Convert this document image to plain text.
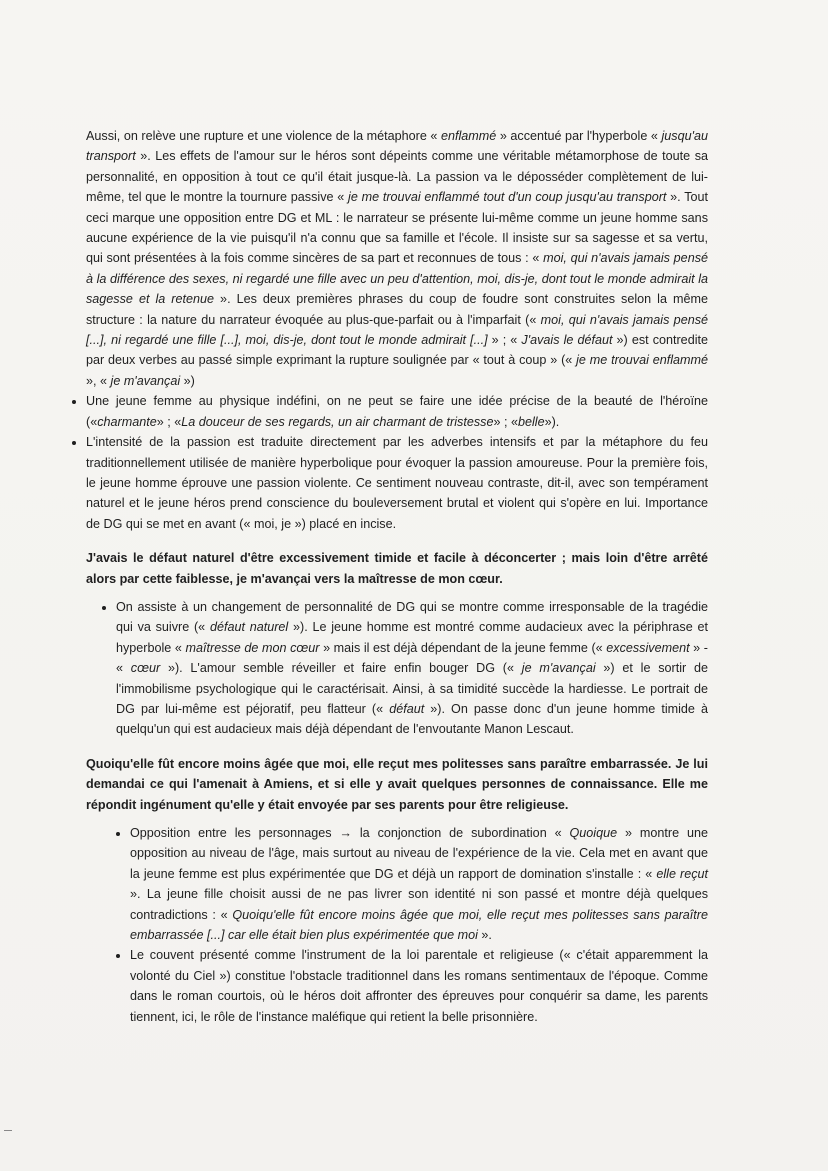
Aussi, on relève une rupture et une violence de la métaphore « enflammé » accentué par l'hyperbole « jusqu'au transport ». Les effets de l'amour sur le héros sont dépeints comme une véritable métamorphose de toute sa personnalité, en opposition à tout ce qu'il était jusque-là. La passion va le déposséder complètement de lui-même, tel que le montre la tournure passive « je me trouvai enflammé tout d'un coup jusqu'au transport ». Tout ceci marque une opposition entre DG et ML : le narrateur se présente lui-même comme un jeune homme sans aucune expérience de la vie puisqu'il n'a connu que sa famille et l'école. Il insiste sur sa sagesse et sa vertu, qui sont présentées à la fois comme sincères de sa part et reconnues de tous : « moi, qui n'avais jamais pensé à la différence des sexes, ni regardé une fille avec un peu d'attention, moi, dis-je, dont tout le monde admirait la sagesse et la retenue ». Les deux premières phrases du coup de foudre sont construites selon la même structure : la nature du narrateur évoquée au plus-que-parfait ou à l'imparfait (« moi, qui n'avais jamais pensé [...], ni regardé une fille [...], moi, dis-je, dont tout le monde admirait [...] » ; « J'avais le défaut ») est contredite par deux verbes au passé simple exprimant la rupture soulignée par « tout à coup » (« je me trouvai enflammé », « je m'avançai »)

• Une jeune femme au physique indéfini, on ne peut se faire une idée précise de la beauté de l'héroïne («charmante» ; «La douceur de ses regards, un air charmant de tristesse» ; «belle»).
• L'intensité de la passion est traduite directement par les adverbes intensifs et par la métaphore du feu traditionnellement utilisée de manière hyperbolique pour évoquer la passion amoureuse. Pour la première fois, le jeune homme éprouve une passion violente. Ce sentiment nouveau contraste, dit-il, avec son tempérament naturel et le jeune héros prend conscience du bouleversement brutal et violent qui s'opère en lui. Importance de DG qui se met en avant (« moi, je ») placé en incise.

J'avais le défaut naturel d'être excessivement timide et facile à déconcerter ; mais loin d'être arrêté alors par cette faiblesse, je m'avançai vers la maîtresse de mon cœur.

• On assiste à un changement de personnalité de DG qui se montre comme irresponsable de la tragédie qui va suivre (« défaut naturel »). Le jeune homme est montré comme audacieux avec la périphrase et hyperbole « maîtresse de mon cœur » mais il est déjà dépendant de la jeune femme (« excessivement » - « cœur »). L'amour semble réveiller et faire enfin bouger DG (« je m'avançai ») et le sortir de l'immobilisme psychologique qui le caractérisait. Ainsi, à sa timidité succède la hardiesse. Le portrait de DG par lui-même est péjoratif, peu flatteur (« défaut »). On passe donc d'un jeune homme timide à quelqu'un qui est audacieux mais déjà dépendant de l'envoutante Manon Lescaut.

Quoiqu'elle fût encore moins âgée que moi, elle reçut mes politesses sans paraître embarrassée. Je lui demandai ce qui l'amenait à Amiens, et si elle y avait quelques personnes de connaissance. Elle me répondit ingénument qu'elle y était envoyée par ses parents pour être religieuse.

• Opposition entre les personnages → la conjonction de subordination « Quoique » montre une opposition au niveau de l'âge, mais surtout au niveau de l'expérience de la vie. Cela met en avant que la jeune femme est plus expérimentée que DG et déjà un rapport de domination s'installe : « elle reçut ». La jeune fille choisit aussi de ne pas livrer son identité ni son passé et montre déjà quelques contradictions : « Quoiqu'elle fût encore moins âgée que moi, elle reçut mes politesses sans paraître embarrassée [...] car elle était bien plus expérimentée que moi ».
• Le couvent présenté comme l'instrument de la loi parentale et religieuse (« c'était apparemment la volonté du Ciel ») constitue l'obstacle traditionnel dans les romans sentimentaux de l'époque. Comme dans le roman courtois, où le héros doit affronter des épreuves pour conquérir sa dame, les parents tiennent, ici, le rôle de l'instance maléfique qui retient la belle prisonnière.
